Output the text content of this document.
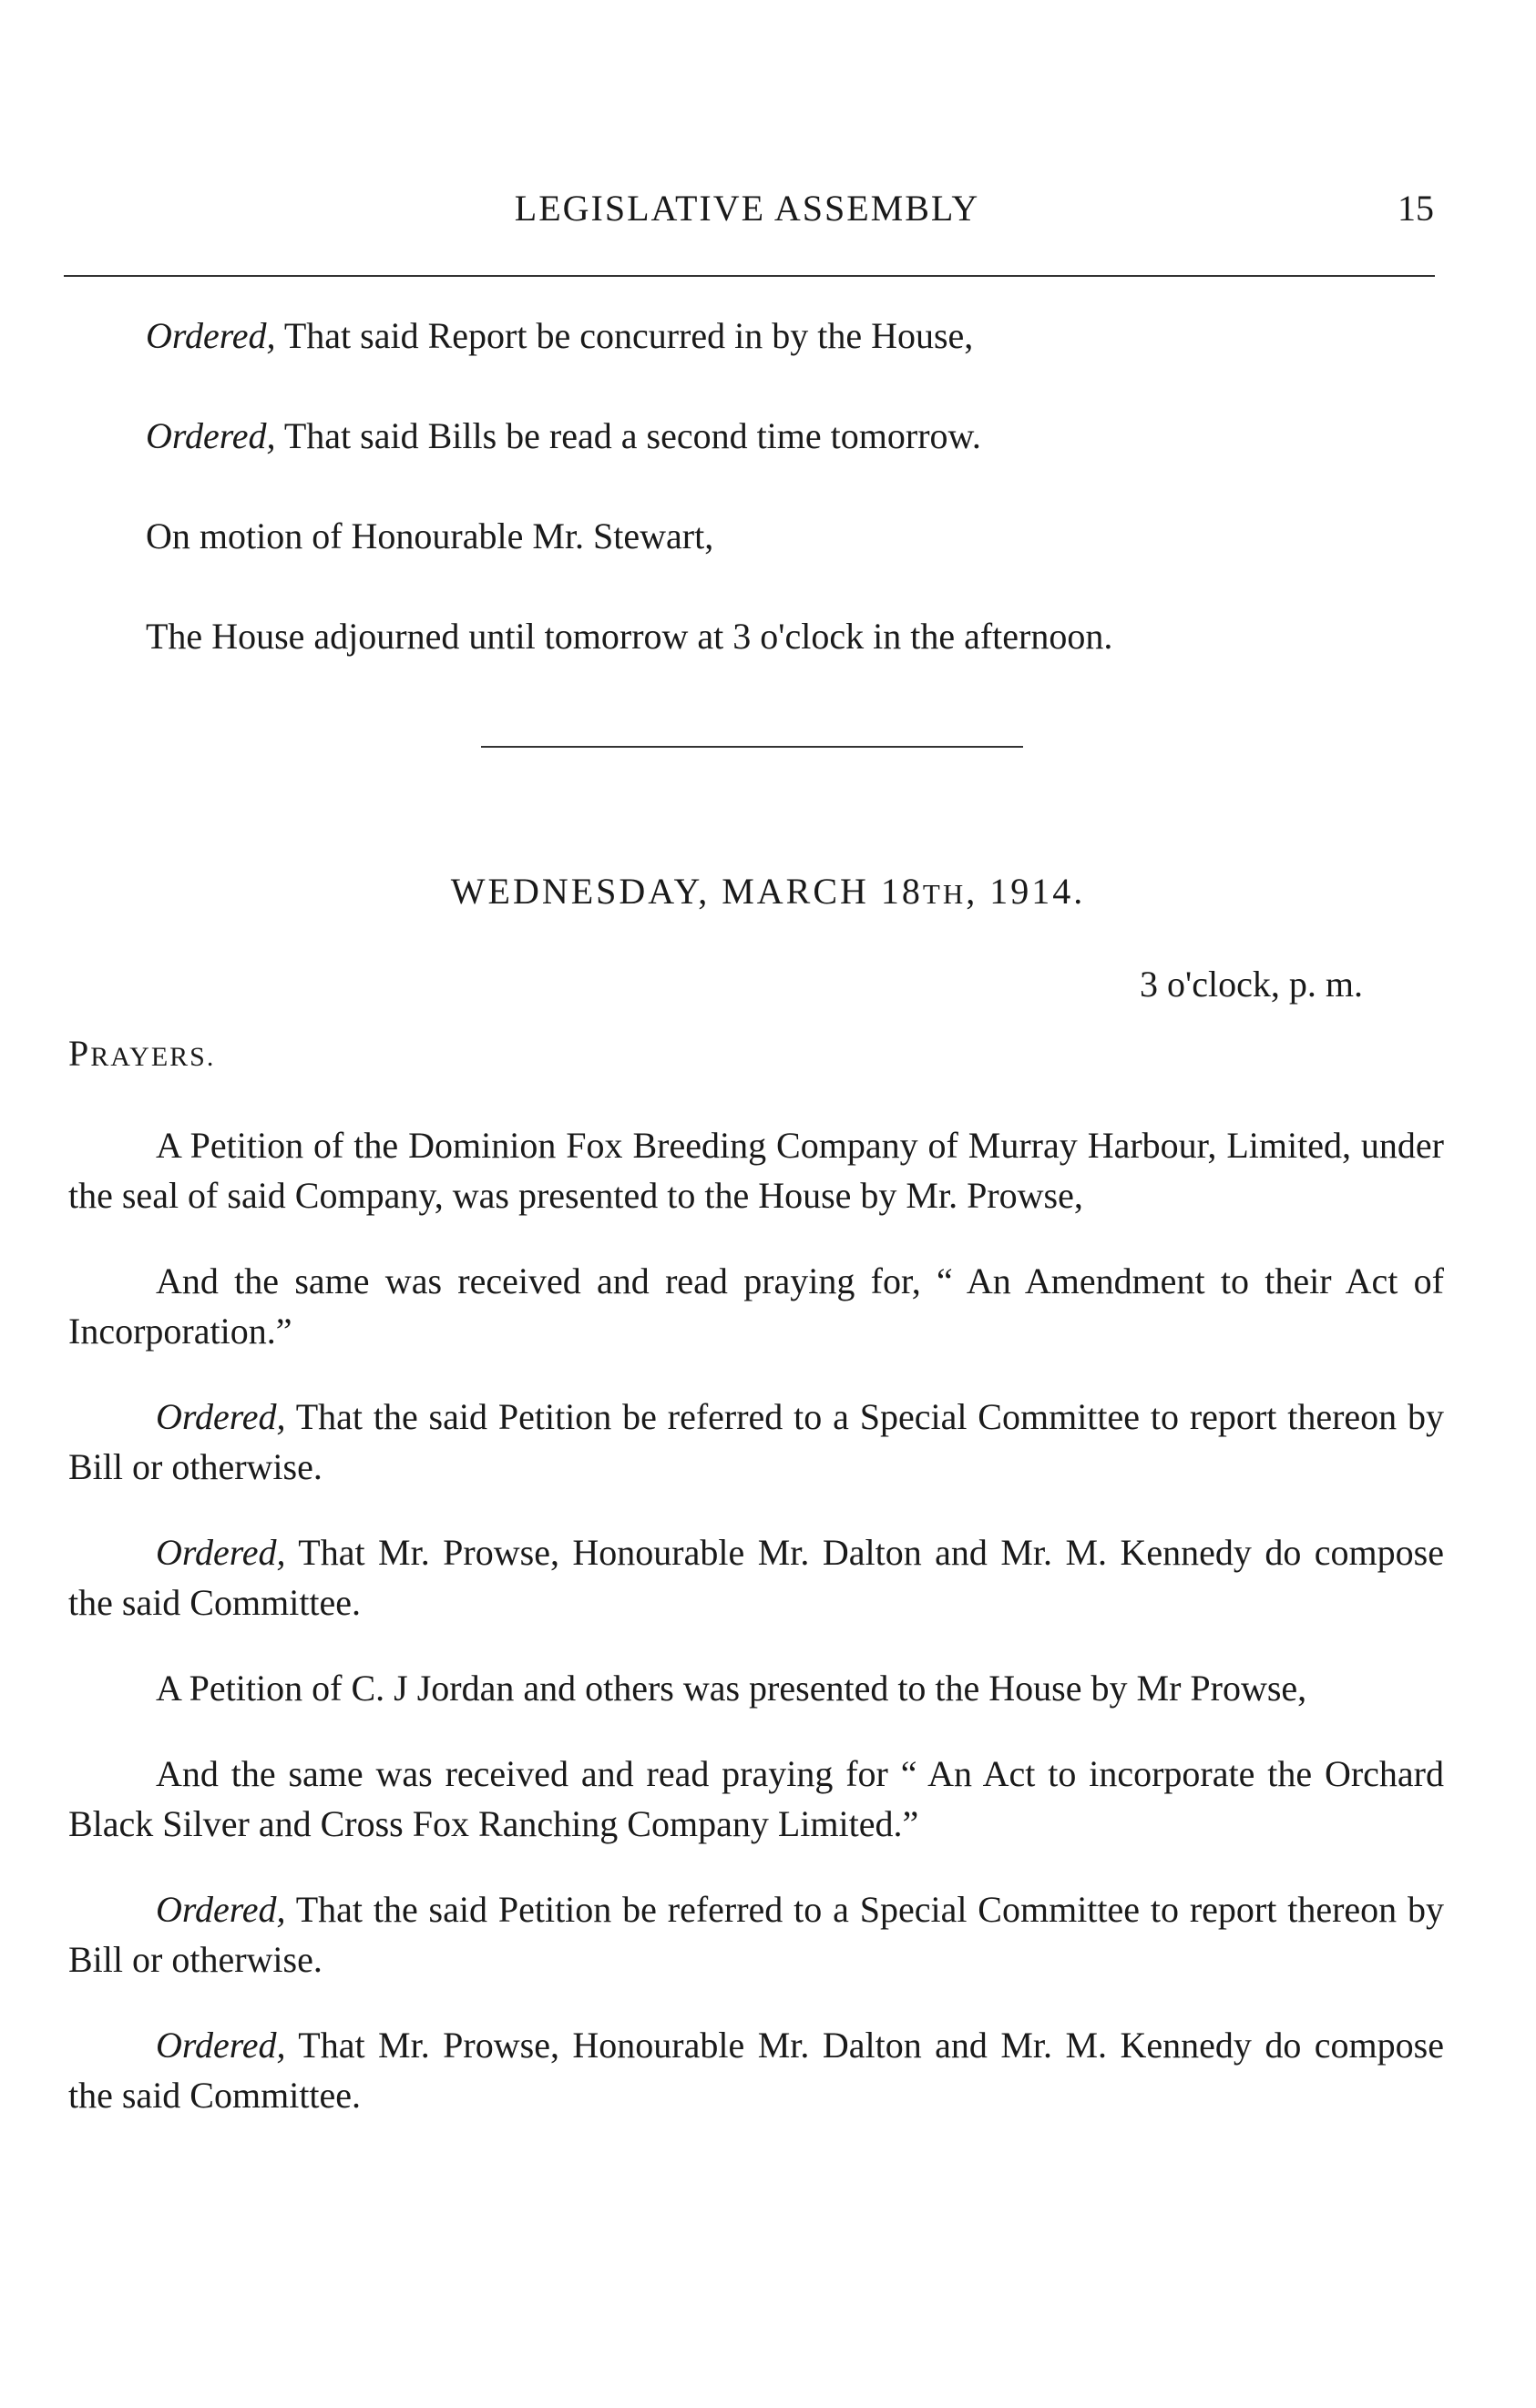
LEGISLATIVE ASSEMBLY	15

Ordered, That said Report be concurred in by the House,

Ordered, That said Bills be read a second time tomorrow.

On motion of Honourable Mr. Stewart,

The House adjourned until tomorrow at 3 o'clock in the afternoon.

WEDNESDAY, MARCH 18TH, 1914.
3 o'clock, p. m.
PRAYERS.

A Petition of the Dominion Fox Breeding Company of Murray Harbour, Limited, under the seal of said Company, was presented to the House by Mr. Prowse,

And the same was received and read praying for, “ An Amendment to their Act of Incorporation.”

Ordered, That the said Petition be referred to a Special Committee to report thereon by Bill or otherwise.

Ordered, That Mr. Prowse, Honourable Mr. Dalton and Mr. M. Kennedy do compose the said Committee.

A Petition of C. J Jordan and others was presented to the House by Mr Prowse,

And the same was received and read praying for “ An Act to incorporate the Orchard Black Silver and Cross Fox Ranching Company Limited.”

Ordered, That the said Petition be referred to a Special Committee to report thereon by Bill or otherwise.

Ordered, That Mr. Prowse, Honourable Mr. Dalton and Mr. M. Kennedy do compose the said Committee.
